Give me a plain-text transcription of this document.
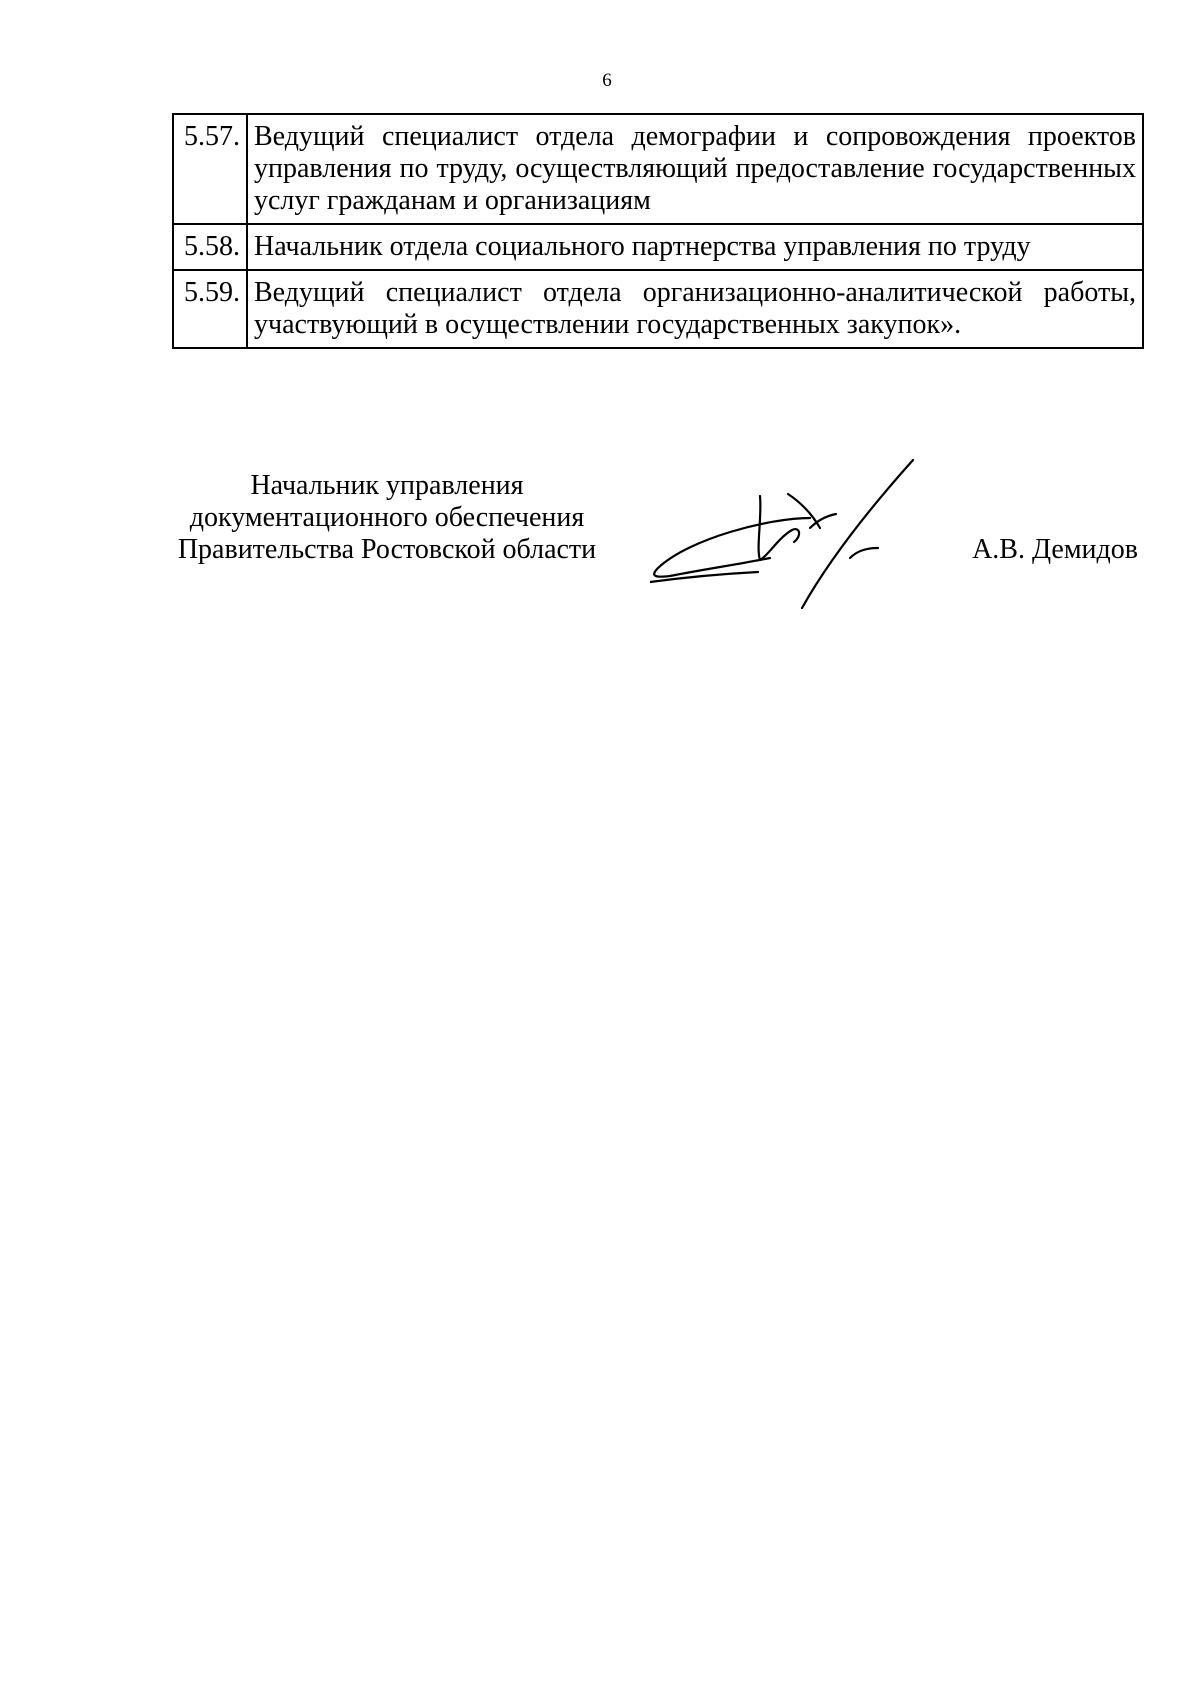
6
5.57.	Ведущий специалист отдела демографии и сопровождения проектов управления по труду, осуществляющий предоставление государственных услуг гражданам и организациям
5.58.	Начальник отдела социального партнерства управления по труду
5.59.	Ведущий специалист отдела организационно-аналитической работы, участвующий в осуществлении государственных закупок».
Начальник управления
документационного обеспечения
Правительства Ростовской области	А.В. Демидов
